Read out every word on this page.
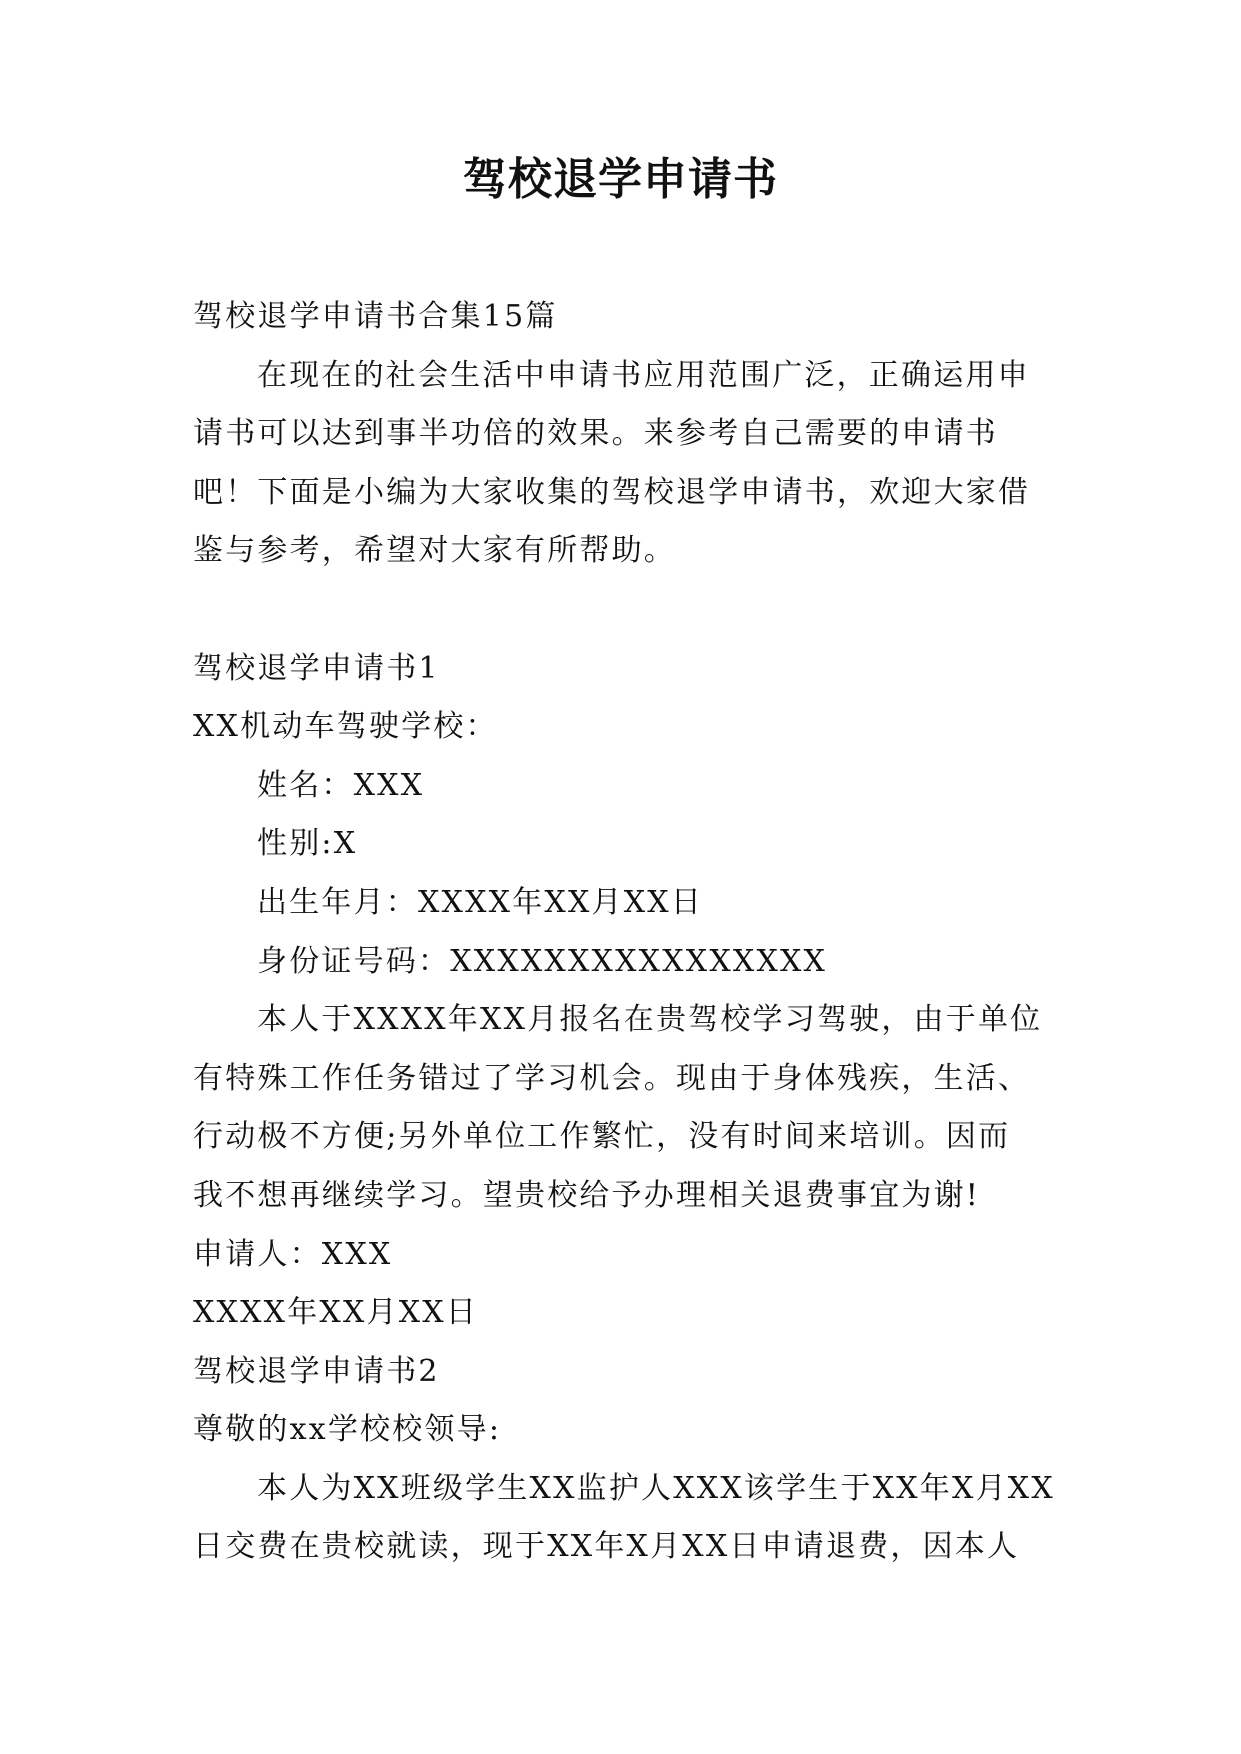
驾校退学申请书
驾校退学申请书合集15篇
在现在的社会生活中申请书应用范围广泛，正确运用申
请书可以达到事半功倍的效果。来参考自己需要的申请书
吧！下面是小编为大家收集的驾校退学申请书，欢迎大家借
鉴与参考，希望对大家有所帮助。
驾校退学申请书1
XX机动车驾驶学校：
姓名：XXX
性别:X
出生年月：XXXX年XX月XX日
身份证号码：XXXXXXXXXXXXXXXX
本人于XXXX年XX月报名在贵驾校学习驾驶，由于单位
有特殊工作任务错过了学习机会。现由于身体残疾，生活、
行动极不方便;另外单位工作繁忙，没有时间来培训。因而
我不想再继续学习。望贵校给予办理相关退费事宜为谢!
申请人：XXX
XXXX年XX月XX日
驾校退学申请书2
尊敬的xx学校校领导:
本人为XX班级学生XX监护人XXX该学生于XX年X月XX
日交费在贵校就读，现于XX年X月XX日申请退费，因本人
